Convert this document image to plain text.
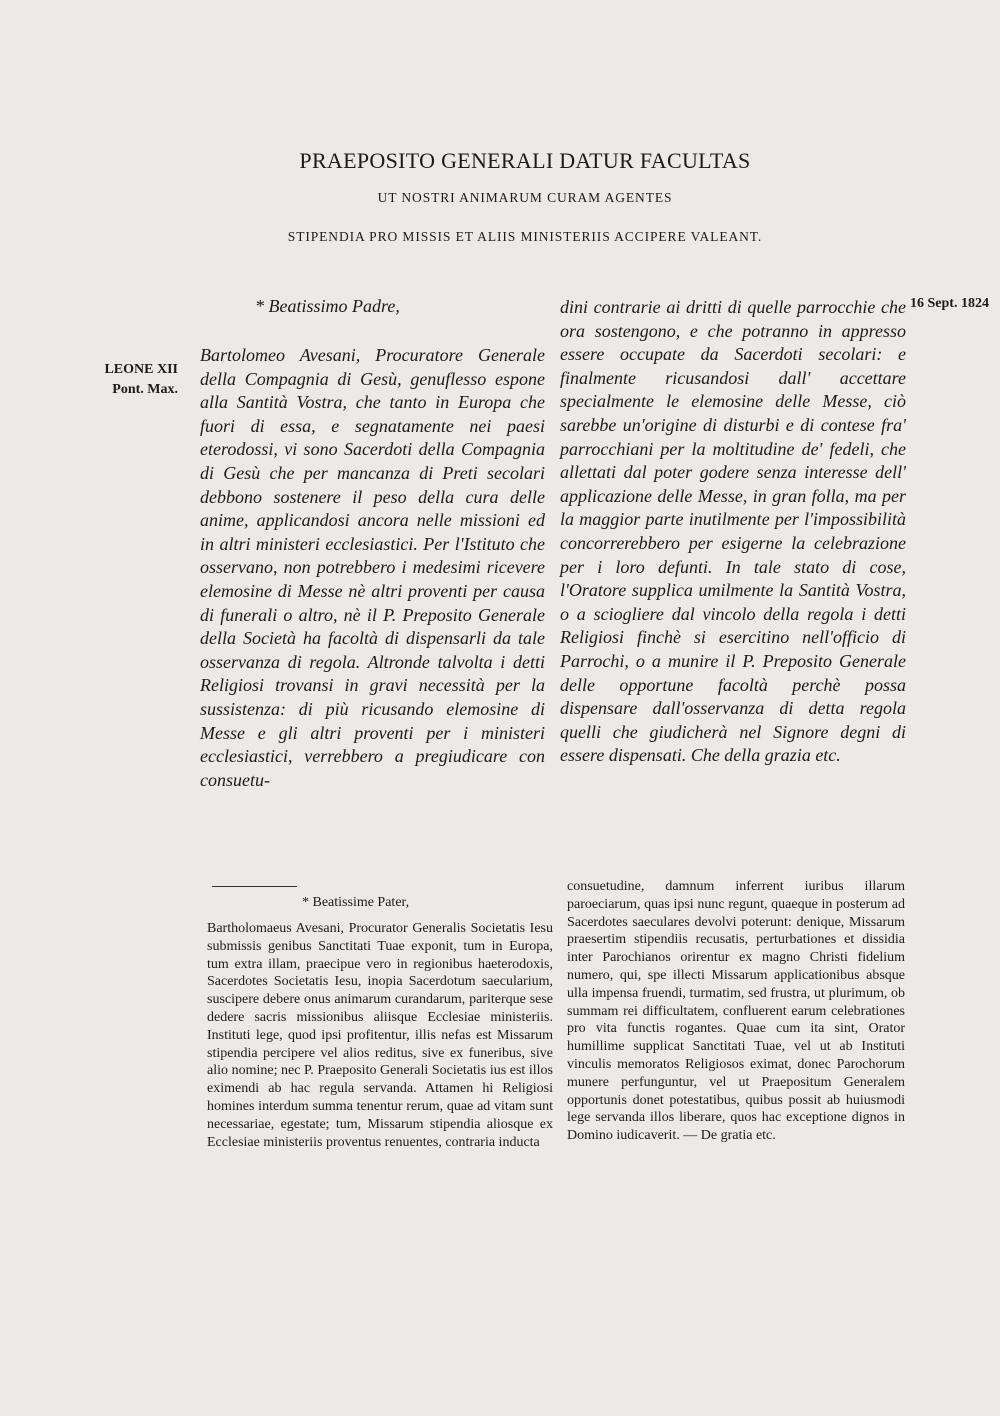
PRAEPOSITO GENERALI DATUR FACULTAS
UT NOSTRI ANIMARUM CURAM AGENTES
STIPENDIA PRO MISSIS ET ALIIS MINISTERIIS ACCIPERE VALEANT.
LEONE XII
Pont. Max.
16 Sept. 1824

* Beatissimo Padre,

Bartolomeo Avesani, Procuratore Generale della Compagnia di Gesù, genuflesso espone alla Santità Vostra, che tanto in Europa che fuori di essa, e segnatamente nei paesi eterodossi, vi sono Sacerdoti della Compagnia di Gesù che per mancanza di Preti secolari debbono sostenere il peso della cura delle anime, applicandosi ancora nelle missioni ed in altri ministeri ecclesiastici. Per l'Istituto che osservano, non potrebbero i medesimi ricevere elemosine di Messe nè altri proventi per causa di funerali o altro, nè il P. Preposito Generale della Società ha facoltà di dispensarli da tale osservanza di regola. Altronde talvolta i detti Religiosi trovansi in gravi necessità per la sussistenza: di più ricusando elemosine di Messe e gli altri proventi per i ministeri ecclesiastici, verrebbero a pregiudicare con consuetu-

dini contrarie ai dritti di quelle parrocchie che ora sostengono, e che potranno in appresso essere occupate da Sacerdoti secolari: e finalmente ricusandosi dall' accettare specialmente le elemosine delle Messe, ciò sarebbe un'origine di disturbi e di contese fra' parrocchiani per la moltitudine de' fedeli, che allettati dal poter godere senza interesse dell' applicazione delle Messe, in gran folla, ma per la maggior parte inutilmente per l'impossibilità concorrerebbero per esigerne la celebrazione per i loro defunti. In tale stato di cose, l'Oratore supplica umilmente la Santità Vostra, o a sciogliere dal vincolo della regola i detti Religiosi finchè si esercitino nell'officio di Parrochi, o a munire il P. Preposito Generale delle opportune facoltà perchè possa dispensare dall'osservanza di detta regola quelli che giudicherà nel Signore degni di essere dispensati. Che della grazia etc.

* Beatissime Pater,

Bartholomaeus Avesani, Procurator Generalis Societatis Iesu submissis genibus Sanctitati Tuae exponit, tum in Europa, tum extra illam, praecipue vero in regionibus haeterodoxis, Sacerdotes Societatis Iesu, inopia Sacerdotum saecularium, suscipere debere onus animarum curandarum, pariterque sese dedere sacris missionibus aliisque Ecclesiae ministeriis. Instituti lege, quod ipsi profitentur, illis nefas est Missarum stipendia percipere vel alios reditus, sive ex funeribus, sive alio nomine; nec P. Praeposito Generali Societatis ius est illos eximendi ab hac regula servanda. Attamen hi Religiosi homines interdum summa tenentur rerum, quae ad vitam sunt necessariae, egestate; tum, Missarum stipendia aliosque ex Ecclesiae ministeriis proventus renuentes, contraria inducta

consuetudine, damnum inferrent iuribus illarum paroeciarum, quas ipsi nunc regunt, quaeque in posterum ad Sacerdotes saeculares devolvi poterunt: denique, Missarum praesertim stipendiis recusatis, perturbationes et dissidia inter Parochianos orirentur ex magno Christi fidelium numero, qui, spe illecti Missarum applicationibus absque ulla impensa fruendi, turmatim, sed frustra, ut plurimum, ob summam rei difficultatem, confluerent earum celebrationes pro vita functis rogantes. Quae cum ita sint, Orator humillime supplicat Sanctitati Tuae, vel ut ab Instituti vinculis memoratos Religiosos eximat, donec Parochorum munere perfunguntur, vel ut Praepositum Generalem opportunis donet potestatibus, quibus possit ab huiusmodi lege servanda illos liberare, quos hac exceptione dignos in Domino iudicaverit. — De gratia etc.
